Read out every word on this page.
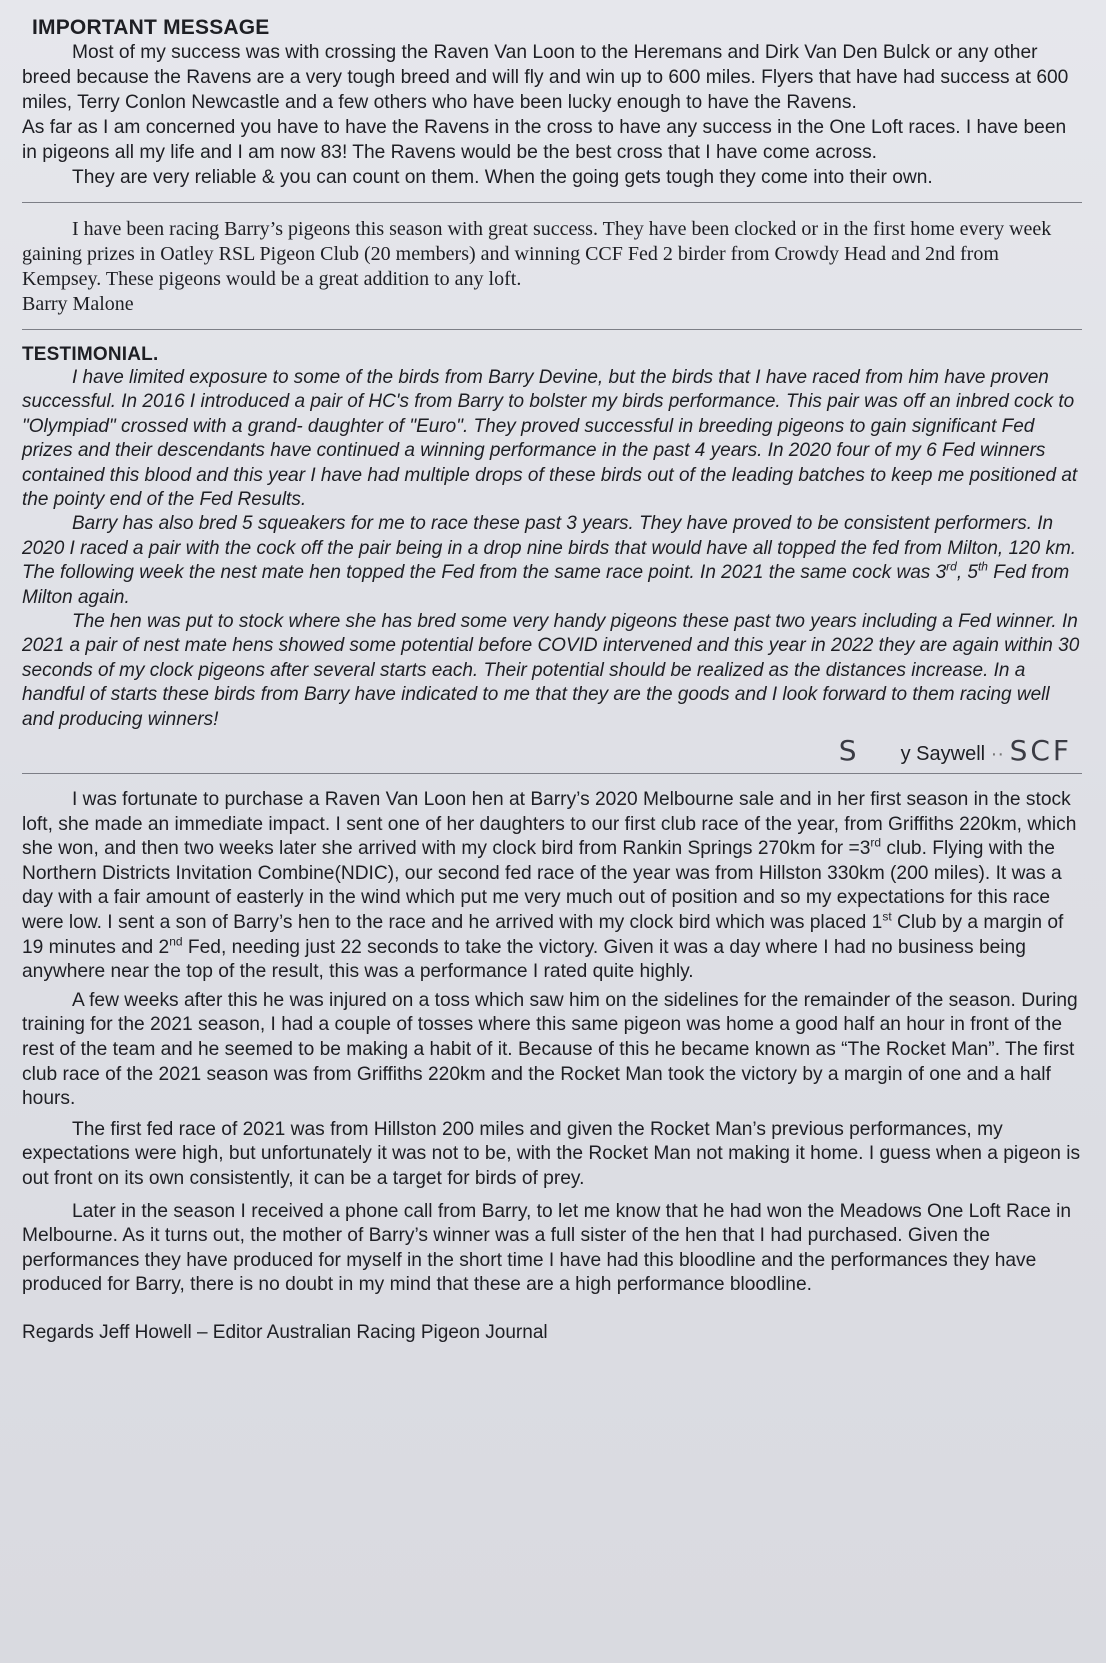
IMPORTANT MESSAGE

Most of my success was with crossing the Raven Van Loon to the Heremans and Dirk Van Den Bulck or any other breed because the Ravens are a very tough breed and will fly and win up to 600 miles. Flyers that have had success at 600 miles, Terry Conlon Newcastle and a few others who have been lucky enough to have the Ravens.

As far as I am concerned you have to have the Ravens in the cross to have any success in the One Loft races. I have been in pigeons all my life and I am now 83! The Ravens would be the best cross that I have come across.

They are very reliable & you can count on them. When the going gets tough they come into their own.

I have been racing Barry’s pigeons this season with great success. They have been clocked or in the first home every week gaining prizes in Oatley RSL Pigeon Club (20 members) and winning CCF Fed 2 birder from Crowdy Head and 2nd from Kempsey. These pigeons would be a great addition to any loft.

Barry Malone

TESTIMONIAL.

I have limited exposure to some of the birds from Barry Devine, but the birds that I have raced from him have proven successful. In 2016 I introduced a pair of HC's from Barry to bolster my birds performance. This pair was off an inbred cock to "Olympiad" crossed with a grand- daughter of "Euro". They proved successful in breeding pigeons to gain significant Fed prizes and their descendants have continued a winning performance in the past 4 years. In 2020 four of my 6 Fed winners contained this blood and this year I have had multiple drops of these birds out of the leading batches to keep me positioned at the pointy end of the Fed Results.

Barry has also bred 5 squeakers for me to race these past 3 years. They have proved to be consistent performers. In 2020 I raced a pair with the cock off the pair being in a drop nine birds that would have all topped the fed from Milton, 120 km. The following week the nest mate hen topped the Fed from the same race point. In 2021 the same cock was 3rd, 5th Fed from Milton again.

The hen was put to stock where she has bred some very handy pigeons these past two years including a Fed winner. In 2021 a pair of nest mate hens showed some potential before COVID intervened and this year in 2022 they are again within 30 seconds of my clock pigeons after several starts each. Their potential should be realized as the distances increase. In a handful of starts these birds from Barry have indicated to me that they are the goods and I look forward to them racing well and producing winners!

S y Saywell ·· SCF

I was fortunate to purchase a Raven Van Loon hen at Barry’s 2020 Melbourne sale and in her first season in the stock loft, she made an immediate impact. I sent one of her daughters to our first club race of the year, from Griffiths 220km, which she won, and then two weeks later she arrived with my clock bird from Rankin Springs 270km for =3rd club. Flying with the Northern Districts Invitation Combine(NDIC), our second fed race of the year was from Hillston 330km (200 miles). It was a day with a fair amount of easterly in the wind which put me very much out of position and so my expectations for this race were low. I sent a son of Barry’s hen to the race and he arrived with my clock bird which was placed 1st Club by a margin of 19 minutes and 2nd Fed, needing just 22 seconds to take the victory. Given it was a day where I had no business being anywhere near the top of the result, this was a performance I rated quite highly.

A few weeks after this he was injured on a toss which saw him on the sidelines for the remainder of the season. During training for the 2021 season, I had a couple of tosses where this same pigeon was home a good half an hour in front of the rest of the team and he seemed to be making a habit of it. Because of this he became known as “The Rocket Man”. The first club race of the 2021 season was from Griffiths 220km and the Rocket Man took the victory by a margin of one and a half hours.

The first fed race of 2021 was from Hillston 200 miles and given the Rocket Man’s previous performances, my expectations were high, but unfortunately it was not to be, with the Rocket Man not making it home. I guess when a pigeon is out front on its own consistently, it can be a target for birds of prey.

Later in the season I received a phone call from Barry, to let me know that he had won the Meadows One Loft Race in Melbourne. As it turns out, the mother of Barry’s winner was a full sister of the hen that I had purchased. Given the performances they have produced for myself in the short time I have had this bloodline and the performances they have produced for Barry, there is no doubt in my mind that these are a high performance bloodline.

Regards Jeff Howell – Editor Australian Racing Pigeon Journal
